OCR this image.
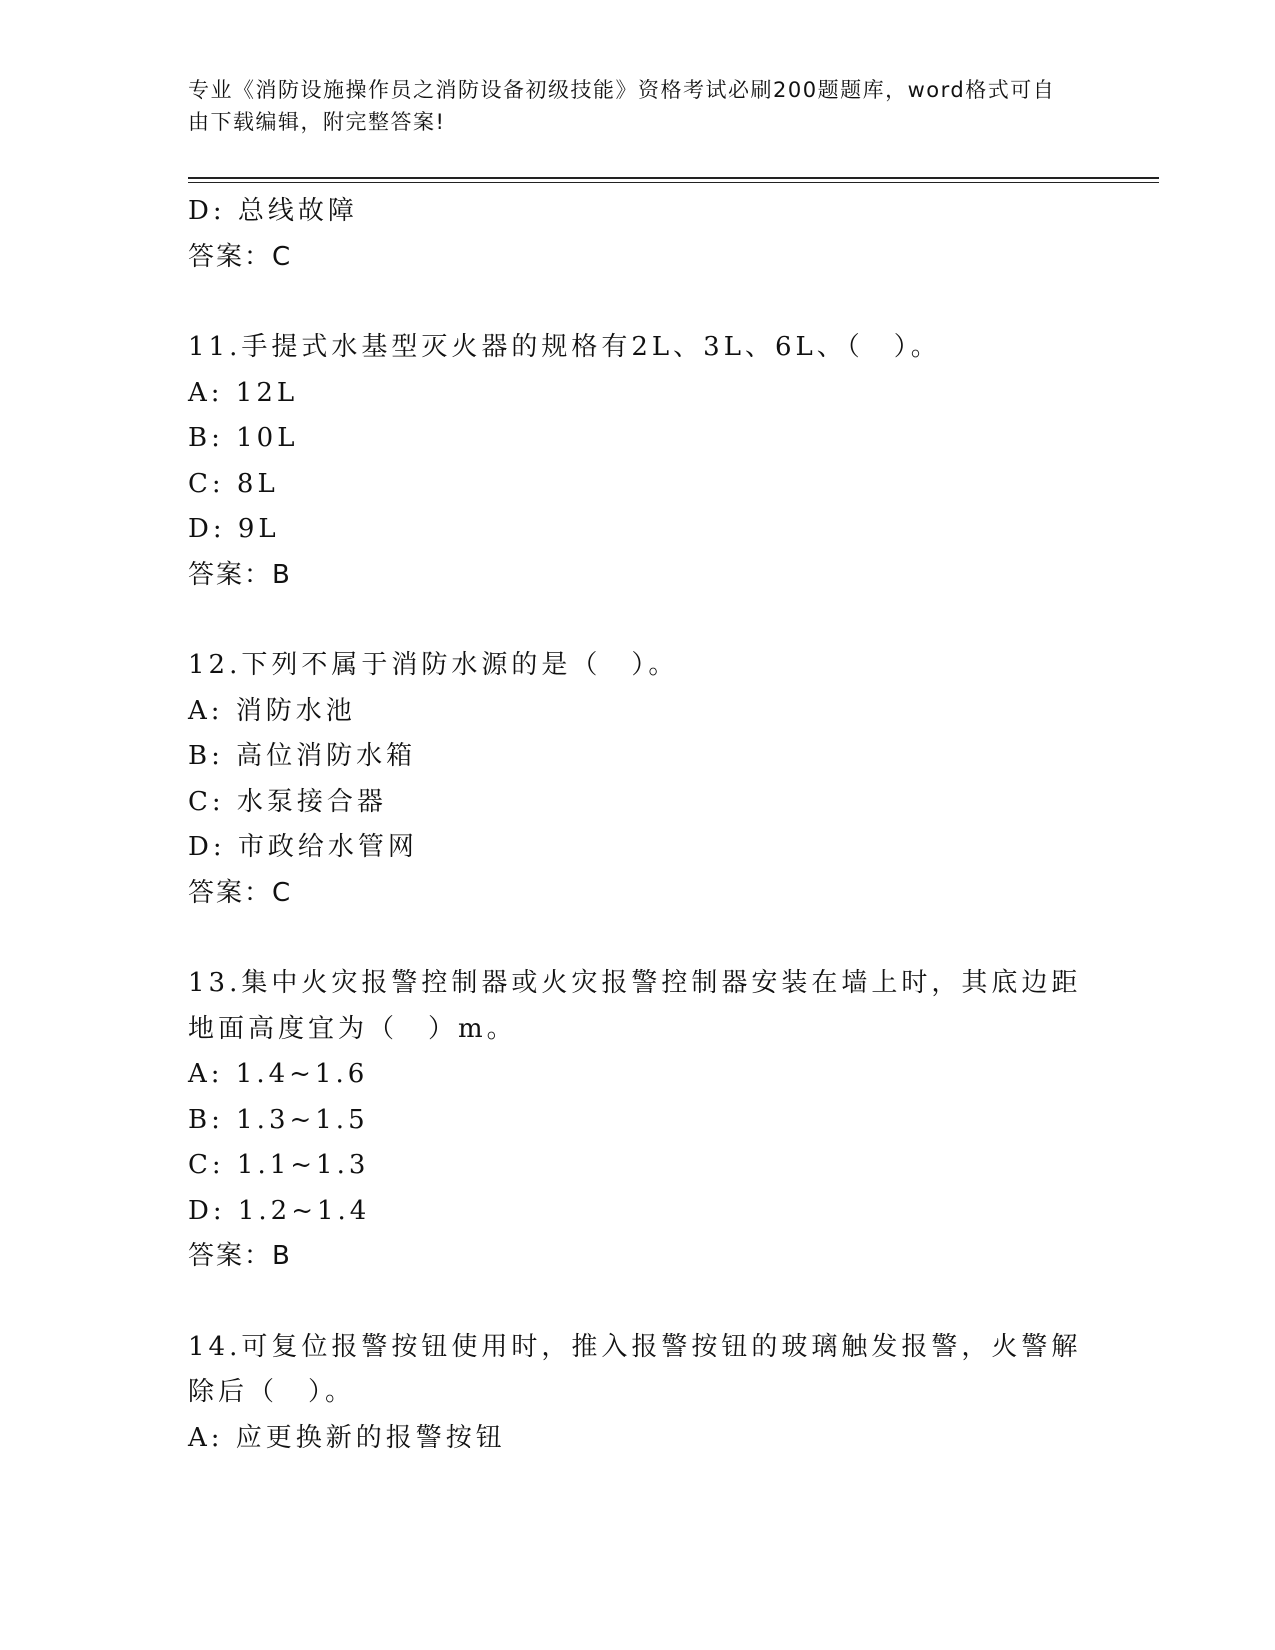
专业《消防设施操作员之消防设备初级技能》资格考试必刷200题题库，word格式可自由下载编辑，附完整答案!
D: 总线故障
答案：C
11.手提式水基型灭火器的规格有2L、3L、6L、（　）。
A: 12L
B: 10L
C: 8L
D: 9L
答案：B
12.下列不属于消防水源的是（　）。
A: 消防水池
B: 高位消防水箱
C: 水泵接合器
D: 市政给水管网
答案：C
13.集中火灾报警控制器或火灾报警控制器安装在墙上时，其底边距地面高度宜为（　）m。
A: 1.4~1.6
B: 1.3~1.5
C: 1.1~1.3
D: 1.2~1.4
答案：B
14.可复位报警按钮使用时，推入报警按钮的玻璃触发报警，火警解除后（　）。
A: 应更换新的报警按钮
